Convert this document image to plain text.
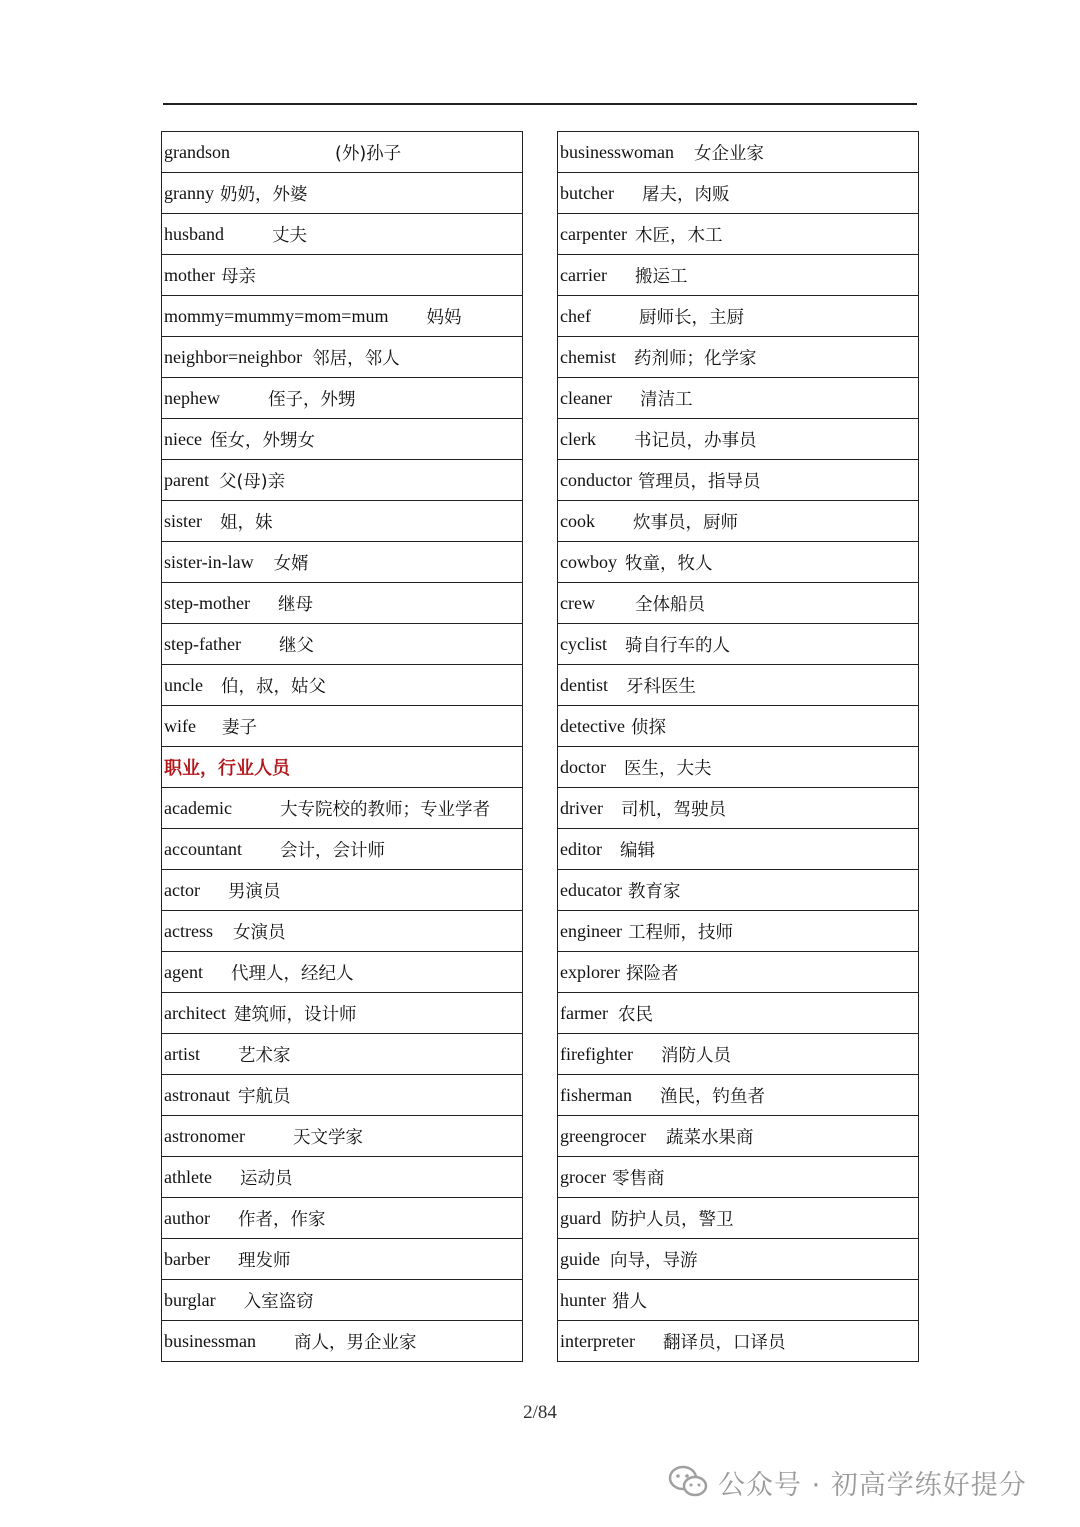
grandson	(外)孙子
granny 奶奶，外婆
husband	丈夫
mother 母亲
mommy=mummy=mom=mum 妈妈
neighbor=neighbor 邻居，邻人
nephew	侄子，外甥
niece 侄女，外甥女
parent 父(母)亲
sister 姐，妹
sister-in-law 女婿
step-mother 继母
step-father 继父
uncle 伯，叔，姑父
wife 妻子
职业，行业人员
academic	大专院校的教师；专业学者
accountant 会计，会计师
actor 男演员
actress 女演员
agent 代理人，经纪人
architect 建筑师，设计师
artist 艺术家
astronaut 宇航员
astronomer	天文学家
athlete 运动员
author 作者，作家
barber 理发师
burglar 入室盗窃
businessman 商人，男企业家
businesswoman 女企业家
butcher 屠夫，肉贩
carpenter 木匠，木工
carrier 搬运工
chef	厨师长，主厨
chemist 药剂师；化学家
cleaner 清洁工
clerk 书记员，办事员
conductor 管理员，指导员
cook 炊事员，厨师
cowboy 牧童，牧人
crew 全体船员
cyclist 骑自行车的人
dentist 牙科医生
detective 侦探
doctor 医生，大夫
driver 司机，驾驶员
editor 编辑
educator 教育家
engineer 工程师，技师
explorer 探险者
farmer 农民
firefighter 消防人员
fisherman 渔民，钓鱼者
greengrocer 蔬菜水果商
grocer 零售商
guard 防护人员，警卫
guide 向导，导游
hunter 猎人
interpreter 翻译员，口译员
2/84
公众号 · 初高学练好提分
